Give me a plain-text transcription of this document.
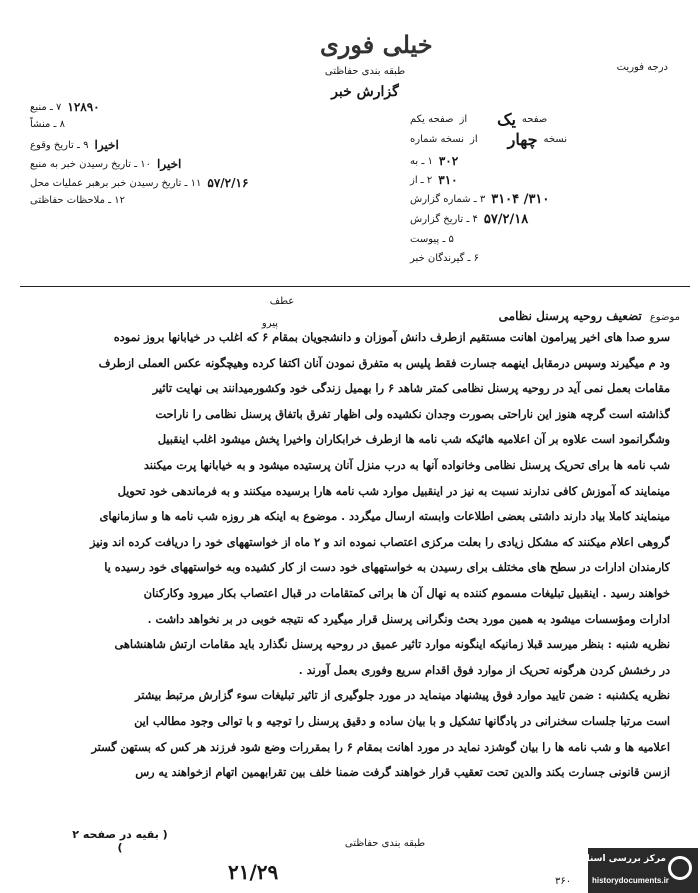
خیلی فوری
طبقه بندی حفاظتی
گزارش خبر
درجه فوریت
۷ ـ منبع ۱۲۸۹۰
۸ ـ منشاً
۹ ـ تاریخ وقوع اخیرا
۱۰ ـ تاریخ رسیدن خبر به منبع اخیرا
۱۱ ـ تاریخ رسیدن خبر برهبر عملیات محل ۵۷/۲/۱۶
۱۲ ـ ملاحظات حفاظتی
صفحه یکم از یک صفحه
نسخه شماره از چهار نسخه
۱ ـ به ۳۰۲
۲ ـ از ۳۱۰
۳ ـ شماره گزارش ۳۱۰/ ۳۱۰۴
۴ ـ تاریخ گزارش ۵۷/۲/۱۸
۵ ـ پیوست
۶ ـ گیرندگان خبر
عطف
پیرو
موضوع
تضعیف روحیه پرسنل نظامی
سرو صدا های اخیر پیرامون اهانت مستقیم ازطرف دانش آموزان و دانشجویان بمقام ۶ که اغلب در خیابانها بروز نموده
ود م میگیرند وسپس درمقابل اینهمه جسارت فقط پلیس به متفرق نمودن آنان اکتفا کرده وهیچگونه عکس العملی ازطرف
مقامات بعمل نمی آید در روحیه پرسنل نظامی کمتر شاهد ۶ را بهمیل زندگی خود وکشورمیدانند بی نهایت تاثیر
گذاشته است گرچه هنوز این ناراحتی بصورت وجدان نکشیده ولی اظهار تفرق باتفاق پرسنل نظامی را ناراحت
وشگرانمود است علاوه بر آن اعلامیه هائیکه شب نامه ها ازطرف خرابکاران واخیرا پخش میشود اغلب اینقبیل
شب نامه ها برای تحریک پرسنل نظامی وخانواده آنها به درب منزل آنان پرستیده میشود و به خیابانها پرت میکنند
مینمایند که آموزش کافی ندارند نسبت به نیز در اینقبیل موارد شب نامه هارا برسیده میکنند و به فرماندهی خود تحویل
مینمایند کاملا بیاد دارند داشتی بعضی اطلاعات وابسته ارسال میگردد . موضوع به اینکه هر روزه شب نامه ها و سازمانهای
گروهی اعلام میکنند که مشکل زیادی را بعلت مرکزی اعتصاب نموده اند و ۲ ماه از خواستههای خود را دریافت کرده اند ونیز
کارمندان ادارات در سطح های مختلف برای رسیدن به خواستههای خود دست از کار کشیده وبه خواستههای خود رسیده یا
خواهند رسید . اینقبیل تبلیغات مسموم کننده به نهال آن ها براتی کمتقامات در قبال اعتصاب بکار میرود وکارکنان
ادارات ومؤسسات میشود به همین مورد بحث ونگرانی پرسنل قرار میگیرد که نتیجه خوبی در بر نخواهد داشت .
نظریه شنبه : بنظر میرسد قبلا زمانیکه اینگونه موارد تاثیر عمیق در روحیه پرسنل نگذارد باید مقامات ارتش شاهنشاهی
در رخشش کردن هرگونه تحریک از موارد فوق اقدام سریع وفوری بعمل آورند .
نظریه یکشنبه : ضمن تایید موارد فوق پیشنهاد مینماید در مورد جلوگیری از تاثیر تبلیغات سوء گزارش مرتبط بیشتر
است مرتبا جلسات سخنرانی در پادگانها تشکیل و با بیان ساده و دقیق پرسنل را توجیه و با توالی وجود مطالب این
اعلامیه ها و شب نامه ها را بیان گوشزد نماید در مورد اهانت بمقام ۶ را بمقررات وضع شود فرزند هر کس که بستهن گستر
ازسن قانونی جسارت بکند والدین تحت تعقیب قرار خواهند گرفت ضمنا خلف بین تقرابهمین اتهام ازخواهند یه رس
( بقیه در صفحه ۲ )	طبقه بندی حفاظتی
۲۱/۲۹	۳۶۰
مرکز بررسی اسناد تاریخی
historydocuments.ir
